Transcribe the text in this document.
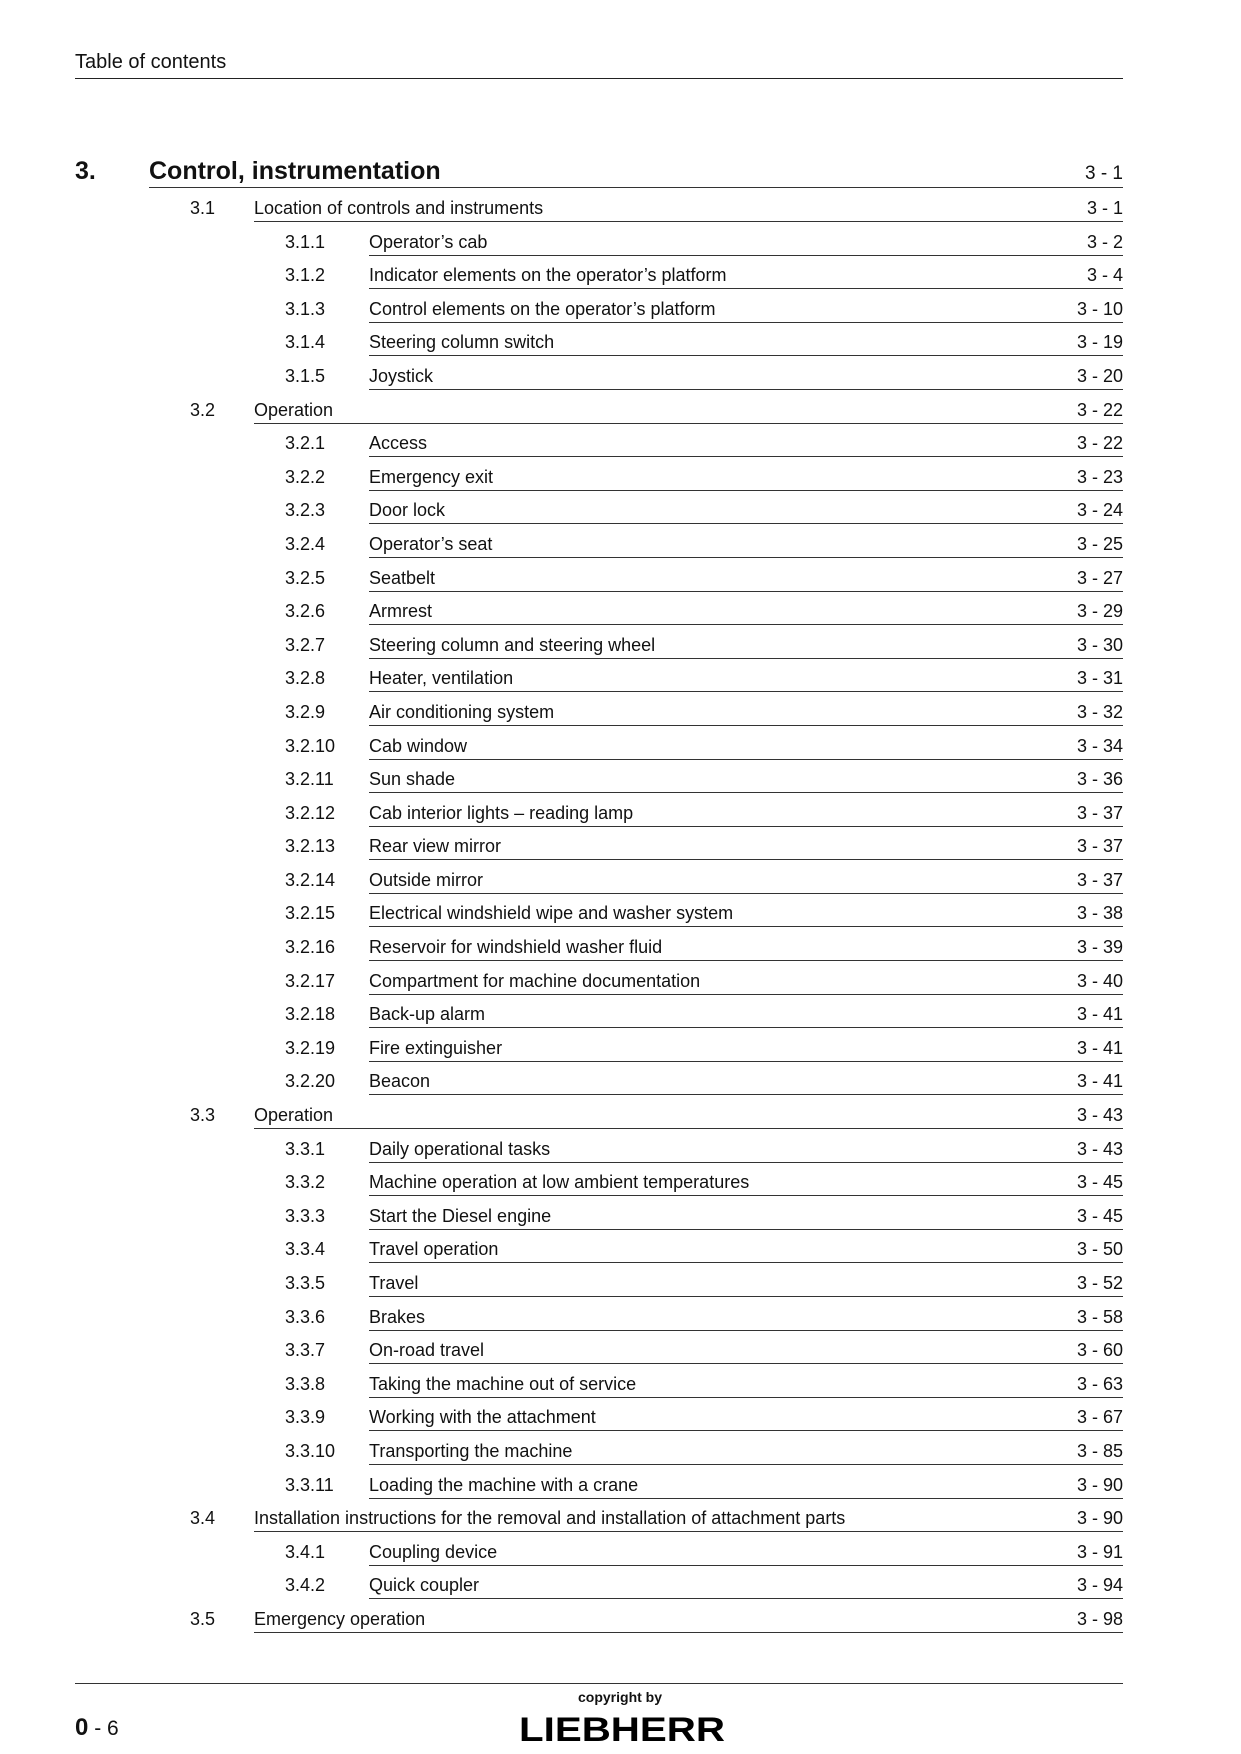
Table of contents
3. Control, instrumentation	3 - 1
3.1 Location of controls and instruments	3 - 1
3.1.1 Operator’s cab	3 - 2
3.1.2 Indicator elements on the operator’s platform	3 - 4
3.1.3 Control elements on the operator’s platform	3 - 10
3.1.4 Steering column switch	3 - 19
3.1.5 Joystick	3 - 20
3.2 Operation	3 - 22
3.2.1 Access	3 - 22
3.2.2 Emergency exit	3 - 23
3.2.3 Door lock	3 - 24
3.2.4 Operator’s seat	3 - 25
3.2.5 Seatbelt	3 - 27
3.2.6 Armrest	3 - 29
3.2.7 Steering column and steering wheel	3 - 30
3.2.8 Heater, ventilation	3 - 31
3.2.9 Air conditioning system	3 - 32
3.2.10 Cab window	3 - 34
3.2.11 Sun shade	3 - 36
3.2.12 Cab interior lights – reading lamp	3 - 37
3.2.13 Rear view mirror	3 - 37
3.2.14 Outside mirror	3 - 37
3.2.15 Electrical windshield wipe and washer system	3 - 38
3.2.16 Reservoir for windshield washer fluid	3 - 39
3.2.17 Compartment for machine documentation	3 - 40
3.2.18 Back-up alarm	3 - 41
3.2.19 Fire extinguisher	3 - 41
3.2.20 Beacon	3 - 41
3.3 Operation	3 - 43
3.3.1 Daily operational tasks	3 - 43
3.3.2 Machine operation at low ambient temperatures	3 - 45
3.3.3 Start the Diesel engine	3 - 45
3.3.4 Travel operation	3 - 50
3.3.5 Travel	3 - 52
3.3.6 Brakes	3 - 58
3.3.7 On-road travel	3 - 60
3.3.8 Taking the machine out of service	3 - 63
3.3.9 Working with the attachment	3 - 67
3.3.10 Transporting the machine	3 - 85
3.3.11 Loading the machine with a crane	3 - 90
3.4 Installation instructions for the removal and installation of attachment parts	3 - 90
3.4.1 Coupling device	3 - 91
3.4.2 Quick coupler	3 - 94
3.5 Emergency operation	3 - 98
0 - 6
copyright by
LIEBHERR
